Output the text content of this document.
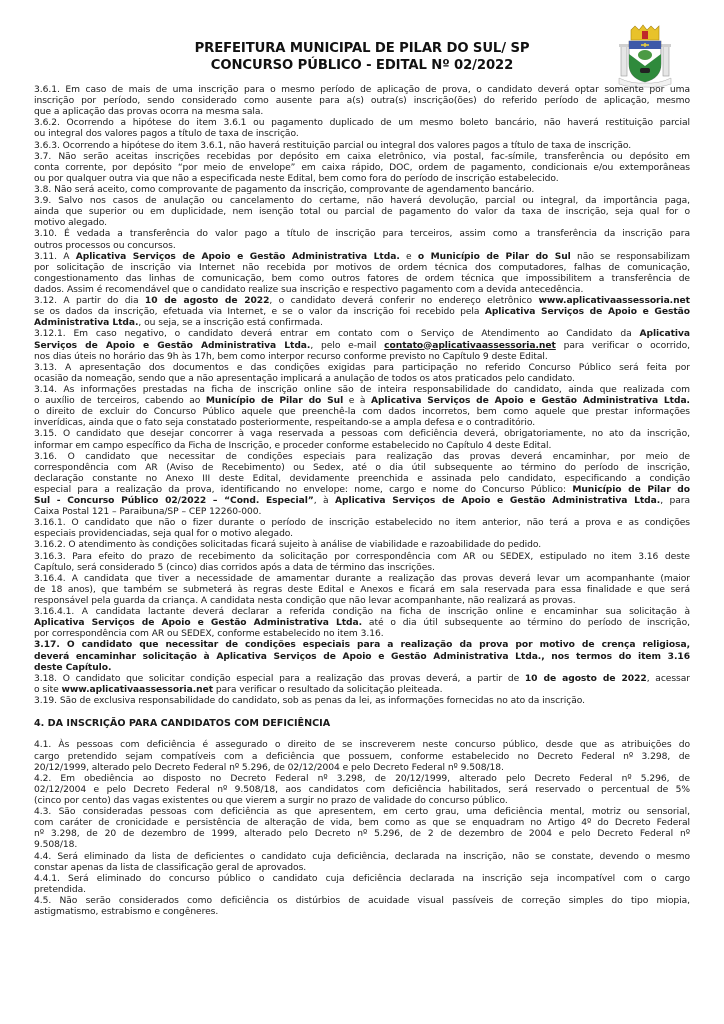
PREFEITURA MUNICIPAL DE PILAR DO SUL/ SP
CONCURSO PÚBLICO - EDITAL Nº 02/2022
3.6.1. Em caso de mais de uma inscrição para o mesmo período de aplicação de prova, o candidato deverá optar somente por uma
inscrição por período, sendo considerado como ausente para a(s) outra(s) inscrição(ões) do referido período de aplicação, mesmo
que a aplicação das provas ocorra na mesma sala.
3.6.2. Ocorrendo a hipótese do item 3.6.1 ou pagamento duplicado de um mesmo boleto bancário, não haverá restituição parcial
ou integral dos valores pagos a título de taxa de inscrição.
3.6.3. Ocorrendo a hipótese do item 3.6.1, não haverá restituição parcial ou integral dos valores pagos a título de taxa de inscrição.
3.7. Não serão aceitas inscrições recebidas por depósito em caixa eletrônico, via postal, fac-símile, transferência ou depósito em
conta corrente, por depósito “por meio de envelope” em caixa rápido, DOC, ordem de pagamento, condicionais e/ou extemporâneas
ou por qualquer outra via que não a especificada neste Edital, bem como fora do período de inscrição estabelecido.
3.8. Não será aceito, como comprovante de pagamento da inscrição, comprovante de agendamento bancário.
3.9. Salvo nos casos de anulação ou cancelamento do certame, não haverá devolução, parcial ou integral, da importância paga,
ainda que superior ou em duplicidade, nem isenção total ou parcial de pagamento do valor da taxa de inscrição, seja qual for o
motivo alegado.
3.10. É vedada a transferência do valor pago a título de inscrição para terceiros, assim como a transferência da inscrição para
outros processos ou concursos.
3.11. A Aplicativa Serviços de Apoio e Gestão Administrativa Ltda. e o Município de Pilar do Sul não se responsabilizam
por solicitação de inscrição via Internet não recebida por motivos de ordem técnica dos computadores, falhas de comunicação,
congestionamento das linhas de comunicação, bem como outros fatores de ordem técnica que impossibilitem a transferência de
dados. Assim é recomendável que o candidato realize sua inscrição e respectivo pagamento com a devida antecedência.
3.12. A partir do dia 10 de agosto de 2022, o candidato deverá conferir no endereço eletrônico www.aplicativaassessoria.net
se os dados da inscrição, efetuada via Internet, e se o valor da inscrição foi recebido pela Aplicativa Serviços de Apoio e Gestão
Administrativa Ltda., ou seja, se a inscrição está confirmada.
3.12.1. Em caso negativo, o candidato deverá entrar em contato com o Serviço de Atendimento ao Candidato da Aplicativa
Serviços de Apoio e Gestão Administrativa Ltda., pelo e-mail contato@aplicativaassessoria.net para verificar o ocorrido,
nos dias úteis no horário das 9h às 17h, bem como interpor recurso conforme previsto no Capítulo 9 deste Edital.
3.13. A apresentação dos documentos e das condições exigidas para participação no referido Concurso Público será feita por
ocasião da nomeação, sendo que a não apresentação implicará a anulação de todos os atos praticados pelo candidato.
3.14. As informações prestadas na ficha de inscrição online são de inteira responsabilidade do candidato, ainda que realizada com
o auxílio de terceiros, cabendo ao Município de Pilar do Sul e à Aplicativa Serviços de Apoio e Gestão Administrativa Ltda.
o direito de excluir do Concurso Público aquele que preenchê-la com dados incorretos, bem como aquele que prestar informações
inverídicas, ainda que o fato seja constatado posteriormente, respeitando-se a ampla defesa e o contraditório.
3.15. O candidato que desejar concorrer à vaga reservada a pessoas com deficiência deverá, obrigatoriamente, no ato da inscrição,
informar em campo específico da Ficha de Inscrição, e proceder conforme estabelecido no Capítulo 4 deste Edital.
3.16. O candidato que necessitar de condições especiais para realização das provas deverá encaminhar, por meio de
correspondência com AR (Aviso de Recebimento) ou Sedex, até o dia útil subsequente ao término do período de inscrição,
declaração constante no Anexo III deste Edital, devidamente preenchida e assinada pelo candidato, especificando a condição
especial para a realização da prova, identificando no envelope: nome, cargo e nome do Concurso Público: Município de Pilar do
Sul - Concurso Público 02/2022 – “Cond. Especial”, à Aplicativa Serviços de Apoio e Gestão Administrativa Ltda., para
Caixa Postal 121 – Paraibuna/SP – CEP 12260-000.
3.16.1. O candidato que não o fizer durante o período de inscrição estabelecido no item anterior, não terá a prova e as condições
especiais providenciadas, seja qual for o motivo alegado.
3.16.2. O atendimento às condições solicitadas ficará sujeito à análise de viabilidade e razoabilidade do pedido.
3.16.3. Para efeito do prazo de recebimento da solicitação por correspondência com AR ou SEDEX, estipulado no item 3.16 deste
Capítulo, será considerado 5 (cinco) dias corridos após a data de término das inscrições.
3.16.4. A candidata que tiver a necessidade de amamentar durante a realização das provas deverá levar um acompanhante (maior
de 18 anos), que também se submeterá às regras deste Edital e Anexos e ficará em sala reservada para essa finalidade e que será
responsável pela guarda da criança. A candidata nesta condição que não levar acompanhante, não realizará as provas.
3.16.4.1. A candidata lactante deverá declarar a referida condição na ficha de inscrição online e encaminhar sua solicitação à
Aplicativa Serviços de Apoio e Gestão Administrativa Ltda. até o dia útil subsequente ao término do período de inscrição,
por correspondência com AR ou SEDEX, conforme estabelecido no item 3.16.
3.17. O candidato que necessitar de condições especiais para a realização da prova por motivo de crença religiosa,
deverá encaminhar solicitação à Aplicativa Serviços de Apoio e Gestão Administrativa Ltda., nos termos do item 3.16
deste Capítulo.
3.18. O candidato que solicitar condição especial para a realização das provas deverá, a partir de 10 de agosto de 2022, acessar
o site www.aplicativaassessoria.net para verificar o resultado da solicitação pleiteada.
3.19. São de exclusiva responsabilidade do candidato, sob as penas da lei, as informações fornecidas no ato da inscrição.
4. DA INSCRIÇÃO PARA CANDIDATOS COM DEFICIÊNCIA
4.1. Às pessoas com deficiência é assegurado o direito de se inscreverem neste concurso público, desde que as atribuições do
cargo pretendido sejam compatíveis com a deficiência que possuem, conforme estabelecido no Decreto Federal nº 3.298, de
20/12/1999, alterado pelo Decreto Federal nº 5.296, de 02/12/2004 e pelo Decreto Federal nº 9.508/18.
4.2. Em obediência ao disposto no Decreto Federal nº 3.298, de 20/12/1999, alterado pelo Decreto Federal nº 5.296, de
02/12/2004 e pelo Decreto Federal nº 9.508/18, aos candidatos com deficiência habilitados, será reservado o percentual de 5%
(cinco por cento) das vagas existentes ou que vierem a surgir no prazo de validade do concurso público.
4.3. São consideradas pessoas com deficiência as que apresentem, em certo grau, uma deficiência mental, motriz ou sensorial,
com caráter de cronicidade e persistência de alteração de vida, bem como as que se enquadram no Artigo 4º do Decreto Federal
nº 3.298, de 20 de dezembro de 1999, alterado pelo Decreto nº 5.296, de 2 de dezembro de 2004 e pelo Decreto Federal nº
9.508/18.
4.4. Será eliminado da lista de deficientes o candidato cuja deficiência, declarada na inscrição, não se constate, devendo o mesmo
constar apenas da lista de classificação geral de aprovados.
4.4.1. Será eliminado do concurso público o candidato cuja deficiência declarada na inscrição seja incompatível com o cargo
pretendida.
4.5. Não serão considerados como deficiência os distúrbios de acuidade visual passíveis de correção simples do tipo miopia,
astigmatismo, estrabismo e congêneres.
